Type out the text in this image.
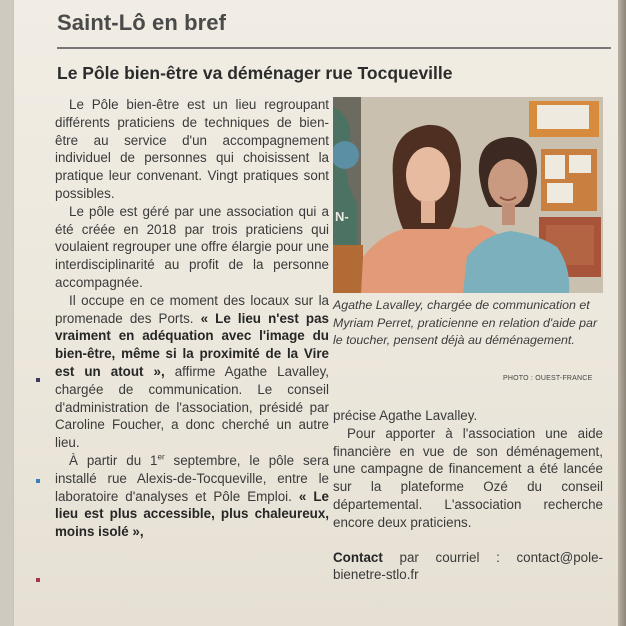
Saint-Lô en bref
Le Pôle bien-être va déménager rue Tocqueville

Le Pôle bien-être est un lieu regroupant différents praticiens de techniques de bien-être au service d'un accompagnement individuel de personnes qui choisissent la pratique leur convenant. Vingt pratiques sont possibles.

Le pôle est géré par une association qui a été créée en 2018 par trois praticiens qui voulaient regrouper une offre élargie pour une interdisciplinarité au profit de la personne accompagnée.

Il occupe en ce moment des locaux sur la promenade des Ports. « Le lieu n'est pas vraiment en adéquation avec l'image du bien-être, même si la proximité de la Vire est un atout », affirme Agathe Lavalley, chargée de communication. Le conseil d'administration de l'association, présidé par Caroline Foucher, a donc cherché un autre lieu.

À partir du 1er septembre, le pôle sera installé rue Alexis-de-Tocqueville, entre le laboratoire d'analyses et Pôle Emploi. « Le lieu est plus accessible, plus chaleureux, moins isolé »,

N-
Agathe Lavalley, chargée de communication et Myriam Perret, praticienne en relation d'aide par le toucher, pensent déjà au déménagement.
PHOTO : OUEST-FRANCE

précise Agathe Lavalley.

Pour apporter à l'association une aide financière en vue de son déménagement, une campagne de financement a été lancée sur la plateforme Ozé du conseil départemental. L'association recherche encore deux praticiens.

Contact par courriel : contact@pole-bienetre-stlo.fr
